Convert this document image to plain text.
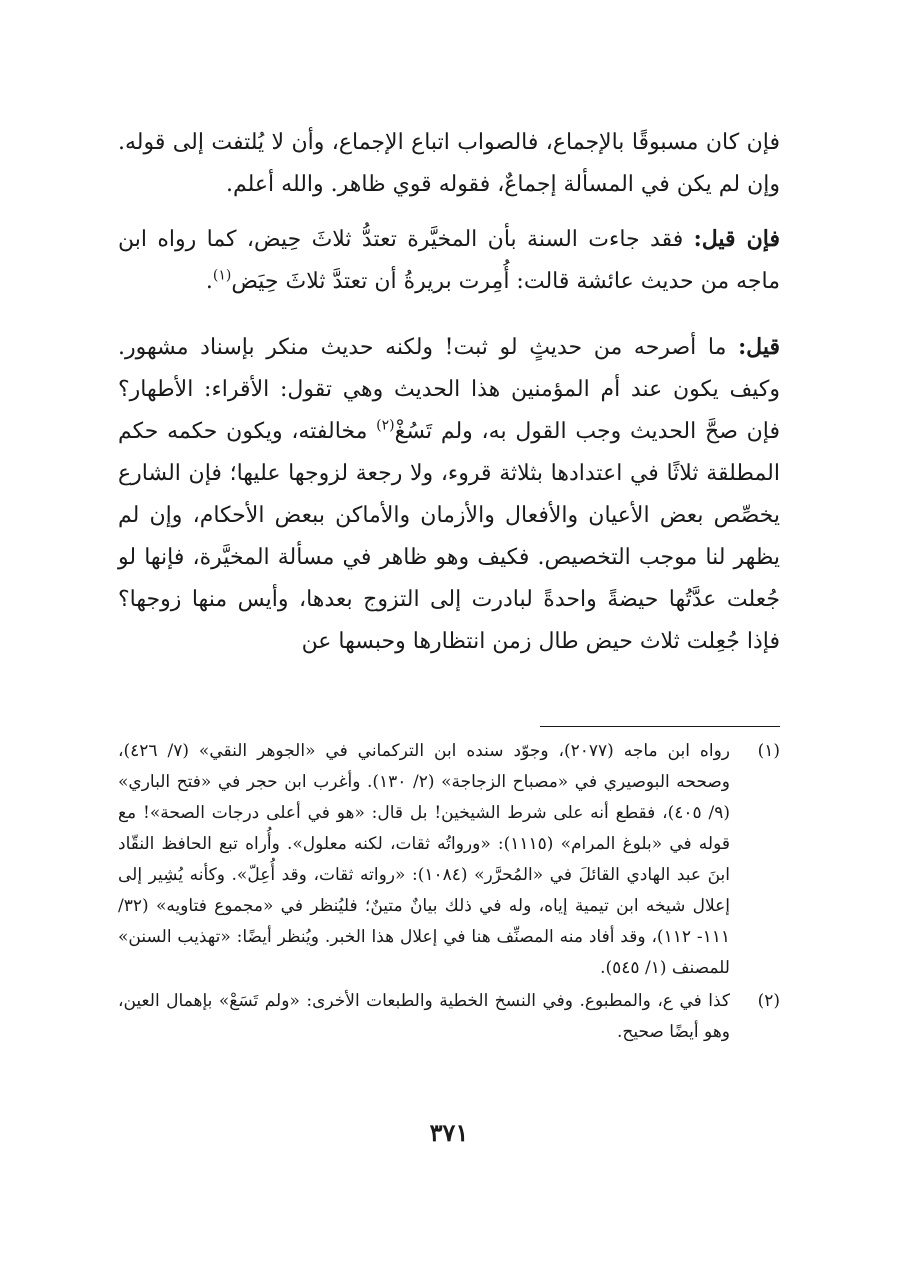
فإن كان مسبوقًا بالإجماع، فالصواب اتباع الإجماع، وأن لا يُلتفت إلى قوله. وإن لم يكن في المسألة إجماعٌ، فقوله قوي ظاهر. والله أعلم.

فإن قيل: فقد جاءت السنة بأن المخيَّرة تعتدُّ ثلاثَ حِيض، كما رواه ابن ماجه من حديث عائشة قالت: أُمِرت بريرةُ أن تعتدَّ ثلاثَ حِيَض$^{(١)}$.

قيل: ما أصرحه من حديثٍ لو ثبت! ولكنه حديث منكر بإسناد مشهور. وكيف يكون عند أم المؤمنين هذا الحديث وهي تقول: الأقراء: الأطهار؟ فإن صحَّ الحديث وجب القول به، ولم تَسُغْ$^{(٢)}$ مخالفته، ويكون حكمه حكم المطلقة ثلاثًا في اعتدادها بثلاثة قروء، ولا رجعة لزوجها عليها؛ فإن الشارع يخصِّص بعض الأعيان والأفعال والأزمان والأماكن ببعض الأحكام، وإن لم يظهر لنا موجب التخصيص. فكيف وهو ظاهر في مسألة المخيَّرة، فإنها لو جُعلت عدَّتُها حيضةً واحدةً لبادرت إلى التزوج بعدها، وأيس منها زوجها؟ فإذا جُعِلت ثلاث حيض طال زمن انتظارها وحبسها عن

(١)

رواه ابن ماجه (٢٠٧٧)، وجوّد سنده ابن التركماني في «الجوهر النقي» (٧/ ٤٢٦)، وصححه البوصيري في «مصباح الزجاجة» (٢/ ١٣٠). وأغرب ابن حجر في «فتح الباري» (٩/ ٤٠٥)، فقطع أنه على شرط الشيخين! بل قال: «هو في أعلى درجات الصحة»! مع قوله في «بلوغ المرام» (١١١٥): «ورواتُه ثقات، لكنه معلول». وأُراه تبع الحافظ النقّاد ابنَ عبد الهادي القائلَ في «المُحرَّر» (١٠٨٤): «رواته ثقات، وقد أُعِلّ». وكأنه يُشِير إلى إعلال شيخه ابن تيمية إياه، وله في ذلك بيانٌ متينٌ؛ فليُنظر في «مجموع فتاويه» (٣٢/ ١١١- ١١٢)، وقد أفاد منه المصنِّف هنا في إعلال هذا الخبر. ويُنظر أيضًا: «تهذيب السنن» للمصنف (١/ ٥٤٥).

(٢)

كذا في ع، والمطبوع. وفي النسخ الخطية والطبعات الأخرى: «ولم تَسَعْ» بإهمال العين، وهو أيضًا صحيح.

٣٧١
